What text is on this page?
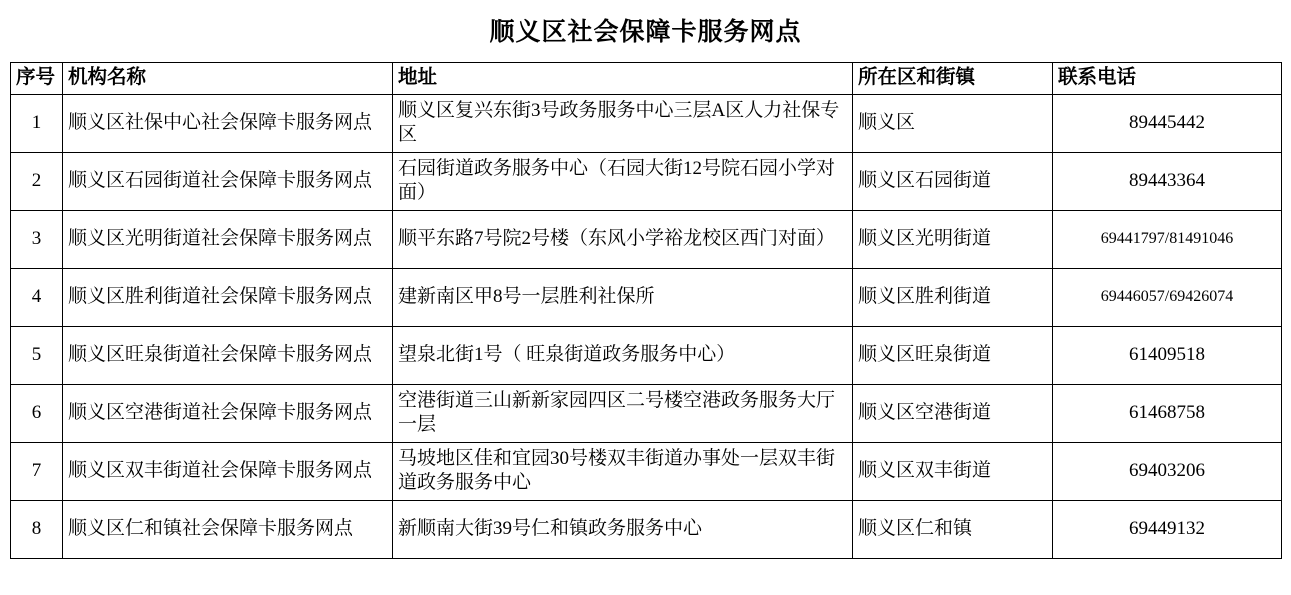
顺义区社会保障卡服务网点
序号	机构名称	地址	所在区和街镇	联系电话
1	顺义区社保中心社会保障卡服务网点	顺义区复兴东街3号政务服务中心三层A区人力社保专区	顺义区	89445442
2	顺义区石园街道社会保障卡服务网点	石园街道政务服务中心（石园大街12号院石园小学对面）	顺义区石园街道	89443364
3	顺义区光明街道社会保障卡服务网点	顺平东路7号院2号楼（东风小学裕龙校区西门对面）	顺义区光明街道	69441797/81491046
4	顺义区胜利街道社会保障卡服务网点	建新南区甲8号一层胜利社保所	顺义区胜利街道	69446057/69426074
5	顺义区旺泉街道社会保障卡服务网点	望泉北街1号（ 旺泉街道政务服务中心）	顺义区旺泉街道	61409518
6	顺义区空港街道社会保障卡服务网点	空港街道三山新新家园四区二号楼空港政务服务大厅一层	顺义区空港街道	61468758
7	顺义区双丰街道社会保障卡服务网点	马坡地区佳和宜园30号楼双丰街道办事处一层双丰街道政务服务中心	顺义区双丰街道	69403206
8	顺义区仁和镇社会保障卡服务网点	新顺南大街39号仁和镇政务服务中心	顺义区仁和镇	69449132
